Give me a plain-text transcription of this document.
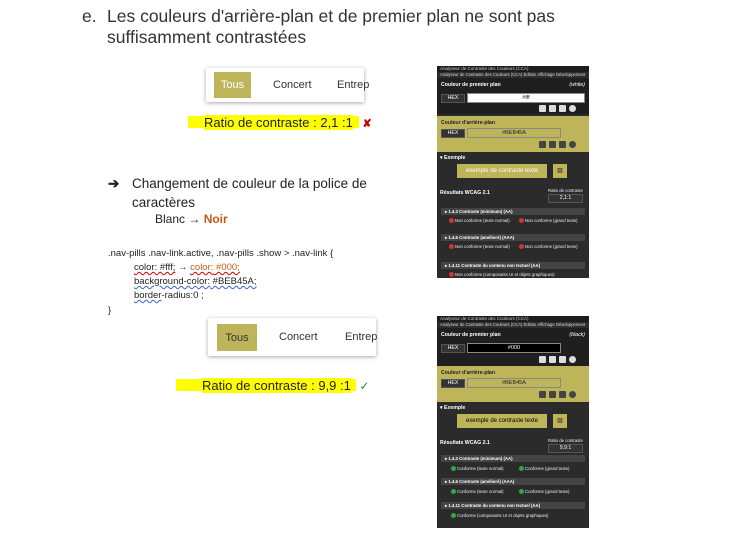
e. Les couleurs d'arrière-plan et de premier plan ne sont pas
suffisamment contrastées
Tous	Concert Entrep
Ratio de contraste : 2,1 :1 ✘
➔ Changement de couleur de la police de
caractères
Blanc → Noir
.nav-pills .nav-link.active, .nav-pills .show > .nav-link {
color: #fff; → color: #000;
background-color: #BEB45A;
border-radius:0 ;
}
Tous	Concert Entrep
Ratio de contraste : 9,9 :1 ✓
Analyseur de Contraste des Couleurs (CCA)
Analyseur de Contraste des Couleurs (CCA) Édition Affichage Développement
Couleur de premier plan	(white)
HEX	#fff
Couleur d'arrière-plan
HEX	#BEB45A
▾ Exemple
exemple de contraste texte	▨
Résultats WCAG 2.1	Ratio de contraste
2,1:1
▸ 1.4.3 Contraste (minimum) (AA)
Non conforme (texte normal)	Non conforme (grand texte)
▸ 1.4.6 Contraste (amélioré) (AAA)
Non conforme (texte normal)	Non conforme (grand texte)
▸ 1.4.11 Contraste du contenu non textuel (AA)
Non conforme (composants UI et objets graphiques)
Analyseur de Contraste des Couleurs (CCA)
Analyseur de Contraste des Couleurs (CCA) Édition Affichage Développement
Couleur de premier plan	(black)
HEX	#000
Couleur d'arrière-plan
HEX	#BEB45A
▾ Exemple
exemple de contraste texte	▨
Résultats WCAG 2.1	Ratio de contraste
9,9:1
▸ 1.4.3 Contraste (minimum) (AA)
Conforme (texte normal)	Conforme (grand texte)
▸ 1.4.6 Contraste (amélioré) (AAA)
Conforme (texte normal)	Conforme (grand texte)
▸ 1.4.11 Contraste du contenu non textuel (AA)
Conforme (composants UI et objets graphiques)
